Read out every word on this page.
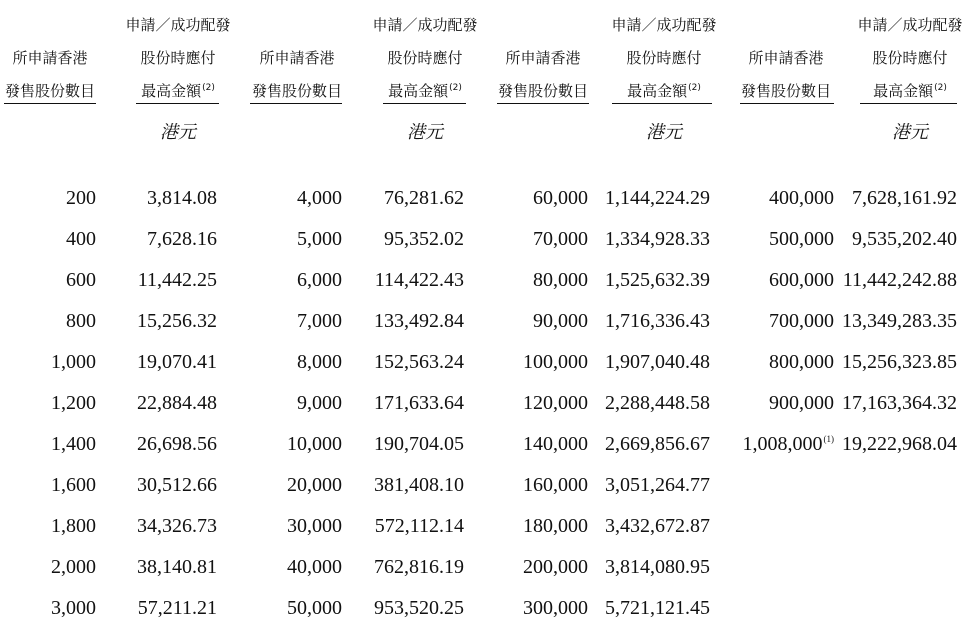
所申請香港
發售股份數目
申請／成功配發
股份時應付
最高金額$^{(2)}$
港元
200	3,814.08
400	7,628.16
600	11,442.25
800	15,256.32
1,000	19,070.41
1,200	22,884.48
1,400	26,698.56
1,600	30,512.66
1,800	34,326.73
2,000	38,140.81
3,000	57,211.21
所申請香港
發售股份數目
申請／成功配發
股份時應付
最高金額$^{(2)}$
港元
4,000	76,281.62
5,000	95,352.02
6,000	114,422.43
7,000	133,492.84
8,000	152,563.24
9,000	171,633.64
10,000	190,704.05
20,000	381,408.10
30,000	572,112.14
40,000	762,816.19
50,000	953,520.25
所申請香港
發售股份數目
申請／成功配發
股份時應付
最高金額$^{(2)}$
港元
60,000 1,144,224.29
70,000 1,334,928.33
80,000 1,525,632.39
90,000 1,716,336.43
100,000 1,907,040.48
120,000 2,288,448.58
140,000 2,669,856.67
160,000 3,051,264.77
180,000 3,432,672.87
200,000 3,814,080.95
300,000 5,721,121.45
所申請香港
發售股份數目
申請／成功配發
股份時應付
最高金額$^{(2)}$
港元
400,000 7,628,161.92
500,000 9,535,202.40
600,000 11,442,242.88
700,000 13,349,283.35
800,000 15,256,323.85
900,000 17,163,364.32
1,008,000$^{(1)}$ 19,222,968.04
